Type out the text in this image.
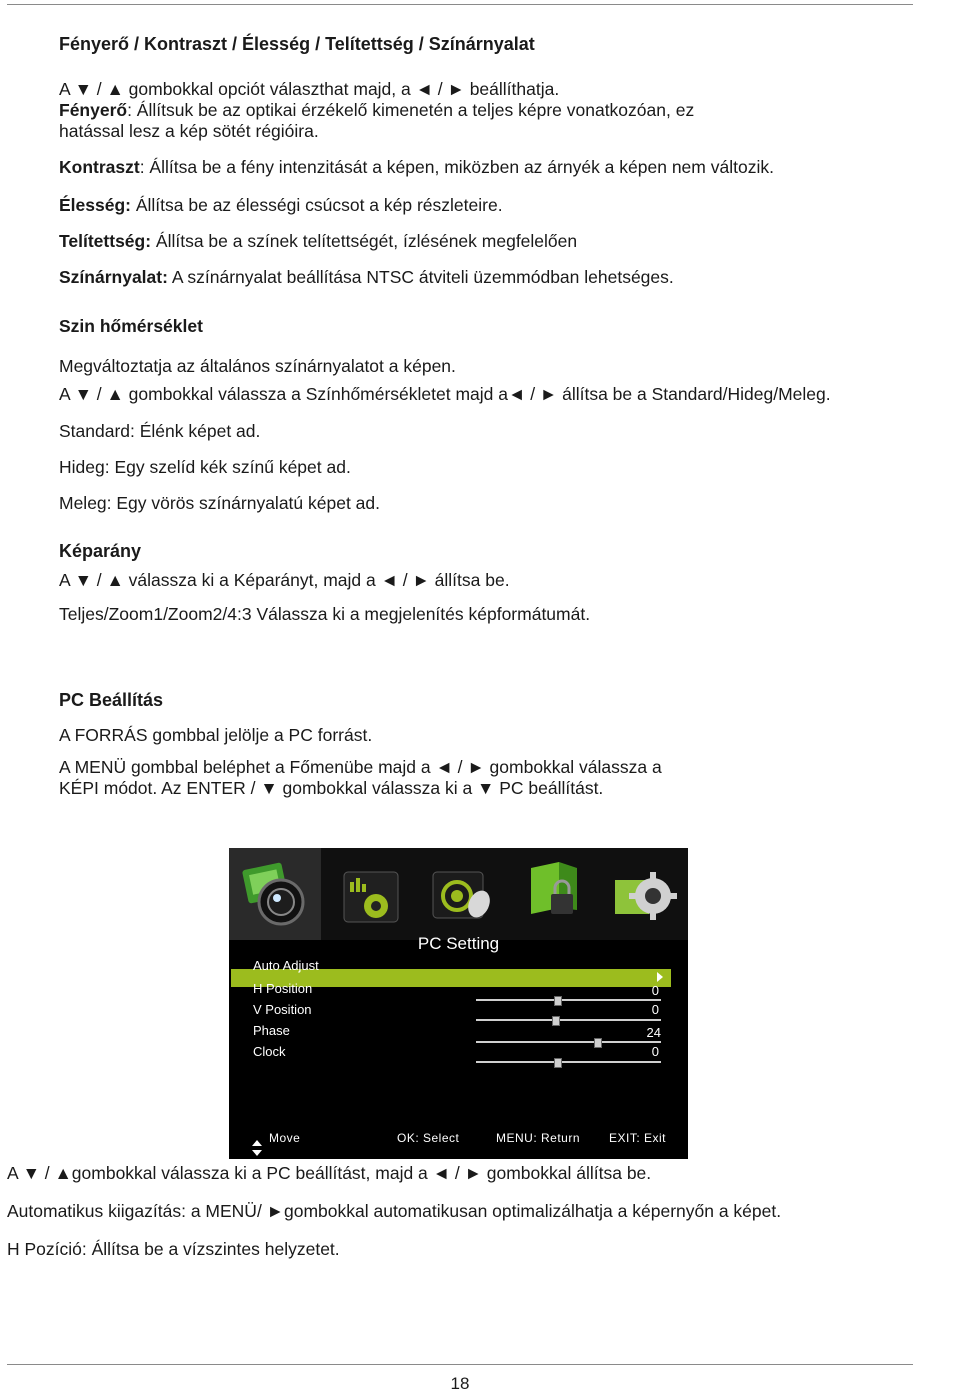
Fényerő / Kontraszt / Élesség / Telítettség / Színárnyalat
A ▼ / ▲ gombokkal opciót választhat majd, a ◄ / ► beállíthatja.
Fényerő: Állítsuk be az optikai érzékelő kimenetén a teljes képre vonatkozóan, ez
hatással lesz a kép sötét régióira.
Kontraszt: Állítsa be a fény intenzitását a képen, miközben az árnyék a képen nem változik.
Élesség: Állítsa be az élességi csúcsot a kép részleteire.
Telítettség: Állítsa be a színek telítettségét, ízlésének megfelelően
Színárnyalat: A színárnyalat beállítása NTSC átviteli üzemmódban lehetséges.
Szin hőmérséklet
Megváltoztatja az általános színárnyalatot a képen.
A ▼ / ▲ gombokkal válassza a Színhőmérsékletet majd a◄ / ► állítsa be a Standard/Hideg/Meleg.
Standard: Élénk képet ad.
Hideg: Egy szelíd kék színű képet ad.
Meleg: Egy vörös színárnyalatú képet ad.
Képarány
A ▼ / ▲ válassza ki a Képarányt, majd a ◄ / ► állítsa be.
Teljes/Zoom1/Zoom2/4:3 Válassza ki a megjelenítés képformátumát.
PC Beállítás
A FORRÁS gombbal jelölje a PC forrást.
A MENÜ gombbal beléphet a Főmenübe majd a ◄ / ► gombokkal válassza a
KÉPI módot. Az ENTER / ▼ gombokkal válassza ki a ▼ PC beállítást.
PC Setting
Auto Adjust
H Position
V Position
Phase
Clock
0
0
24
0
Move	OK: Select	MENU: Return EXIT: Exit
A ▼ / ▲gombokkal válassza ki a PC beállítást, majd a ◄ / ► gombokkal állítsa be.
Automatikus kiigazítás: a MENÜ/ ►gombokkal automatikusan optimalizálhatja a képernyőn a képet.
H Pozíció: Állítsa be a vízszintes helyzetet.
18
